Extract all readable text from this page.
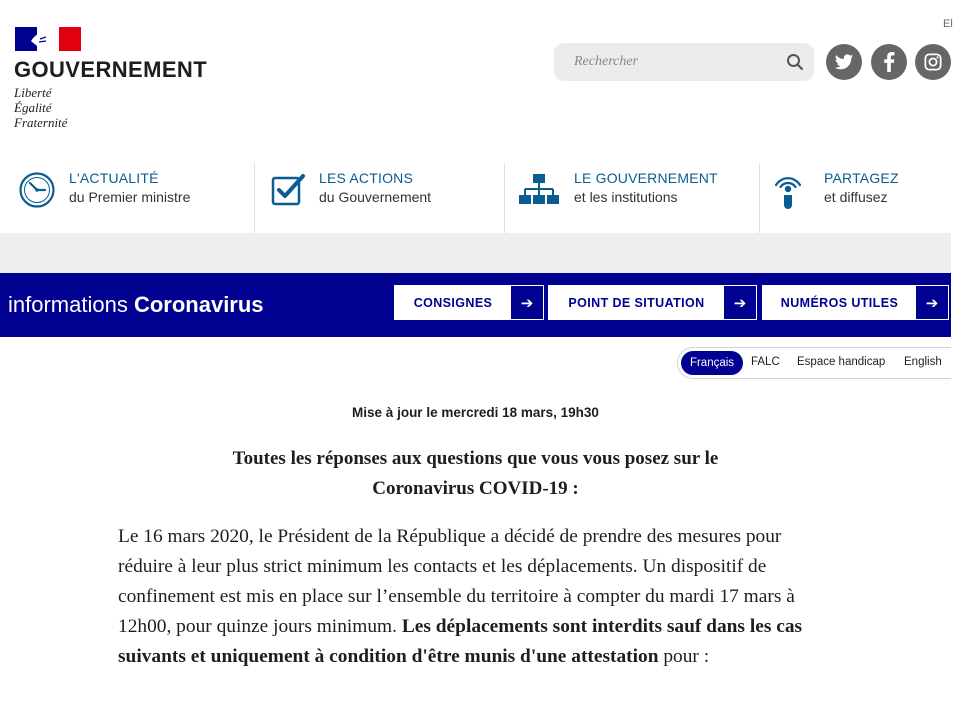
GOUVERNEMENT
Liberté
Égalité
Fraternité
El
Rechercher
L'ACTUALITÉ
du Premier ministre
LES ACTIONS
du Gouvernement
LE GOUVERNEMENT
et les institutions
PARTAGEZ
et diffusez
informations Coronavirus	CONSIGNES	➔	POINT DE SITUATION	➔	NUMÉROS UTILES	➔
Français	FALC Espace handicap English
Mise à jour le mercredi 18 mars, 19h30
Toutes les réponses aux questions que vous vous posez sur le
Coronavirus COVID-19 :

Le 16 mars 2020, le Président de la République a décidé de prendre des mesures pour réduire à leur plus strict minimum les contacts et les déplacements. Un dispositif de confinement est mis en place sur l’ensemble du territoire à compter du mardi 17 mars à 12h00, pour quinze jours minimum. Les déplacements sont interdits sauf dans les cas suivants et uniquement à condition d'être munis d'une attestation pour :
